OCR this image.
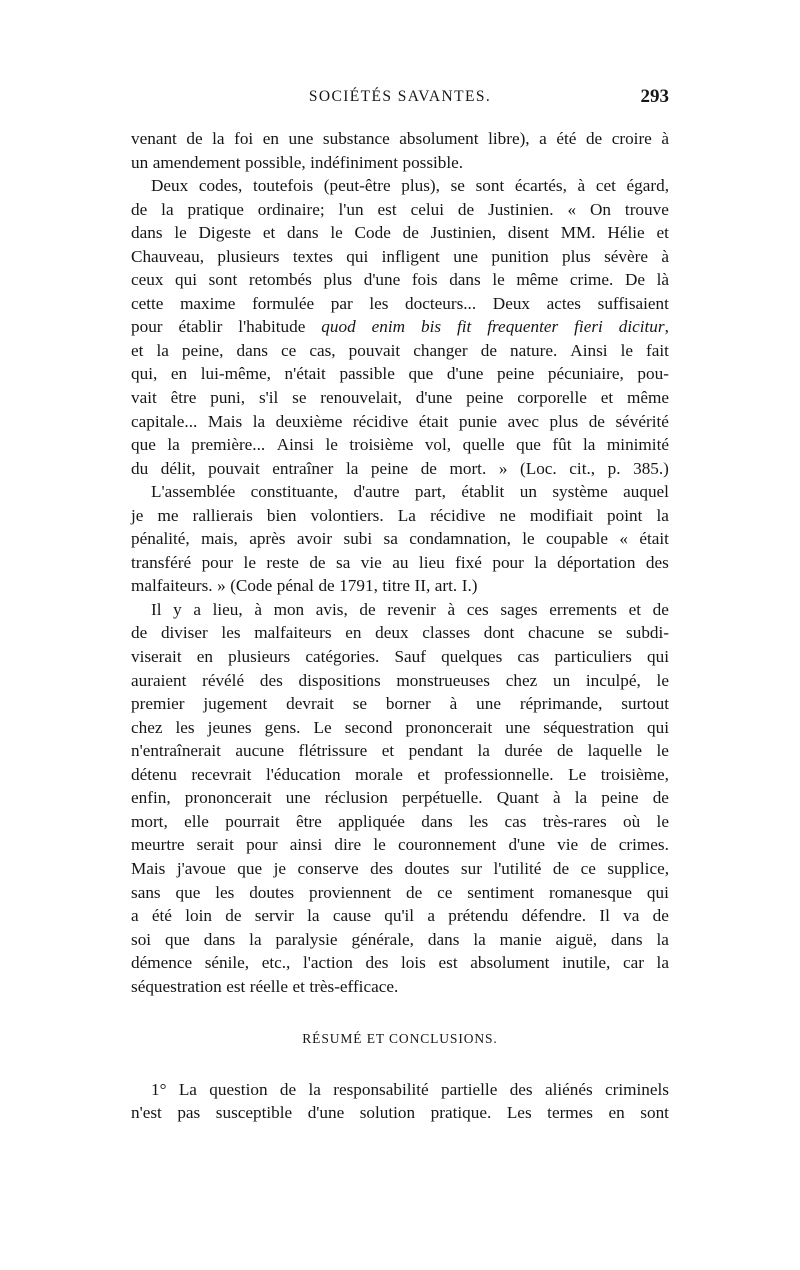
SOCIÉTÉS SAVANTES.	293
venant de la foi en une substance absolument libre), a été de croire à
un amendement possible, indéfiniment possible.
Deux codes, toutefois (peut-être plus), se sont écartés, à cet égard,
de la pratique ordinaire; l'un est celui de Justinien. « On trouve
dans le Digeste et dans le Code de Justinien, disent MM. Hélie et
Chauveau, plusieurs textes qui infligent une punition plus sévère à
ceux qui sont retombés plus d'une fois dans le même crime. De là
cette maxime formulée par les docteurs... Deux actes suffisaient
pour établir l'habitude quod enim bis fit frequenter fieri dicitur,
et la peine, dans ce cas, pouvait changer de nature. Ainsi le fait
qui, en lui-même, n'était passible que d'une peine pécuniaire, pou-
vait être puni, s'il se renouvelait, d'une peine corporelle et même
capitale... Mais la deuxième récidive était punie avec plus de sévérité
que la première... Ainsi le troisième vol, quelle que fût la minimité
du délit, pouvait entraîner la peine de mort. » (Loc. cit., p. 385.)
L'assemblée constituante, d'autre part, établit un système auquel
je me rallierais bien volontiers. La récidive ne modifiait point la
pénalité, mais, après avoir subi sa condamnation, le coupable « était
transféré pour le reste de sa vie au lieu fixé pour la déportation des
malfaiteurs. » (Code pénal de 1791, titre II, art. I.)
Il y a lieu, à mon avis, de revenir à ces sages errements et de
de diviser les malfaiteurs en deux classes dont chacune se subdi-
viserait en plusieurs catégories. Sauf quelques cas particuliers qui
auraient révélé des dispositions monstrueuses chez un inculpé, le
premier jugement devrait se borner à une réprimande, surtout
chez les jeunes gens. Le second prononcerait une séquestration qui
n'entraînerait aucune flétrissure et pendant la durée de laquelle le
détenu recevrait l'éducation morale et professionnelle. Le troisième,
enfin, prononcerait une réclusion perpétuelle. Quant à la peine de
mort, elle pourrait être appliquée dans les cas très-rares où le
meurtre serait pour ainsi dire le couronnement d'une vie de crimes.
Mais j'avoue que je conserve des doutes sur l'utilité de ce supplice,
sans que les doutes proviennent de ce sentiment romanesque qui
a été loin de servir la cause qu'il a prétendu défendre. Il va de
soi que dans la paralysie générale, dans la manie aiguë, dans la
démence sénile, etc., l'action des lois est absolument inutile, car la
séquestration est réelle et très-efficace.
RÉSUMÉ ET CONCLUSIONS.
1° La question de la responsabilité partielle des aliénés criminels
n'est pas susceptible d'une solution pratique. Les termes en sont
